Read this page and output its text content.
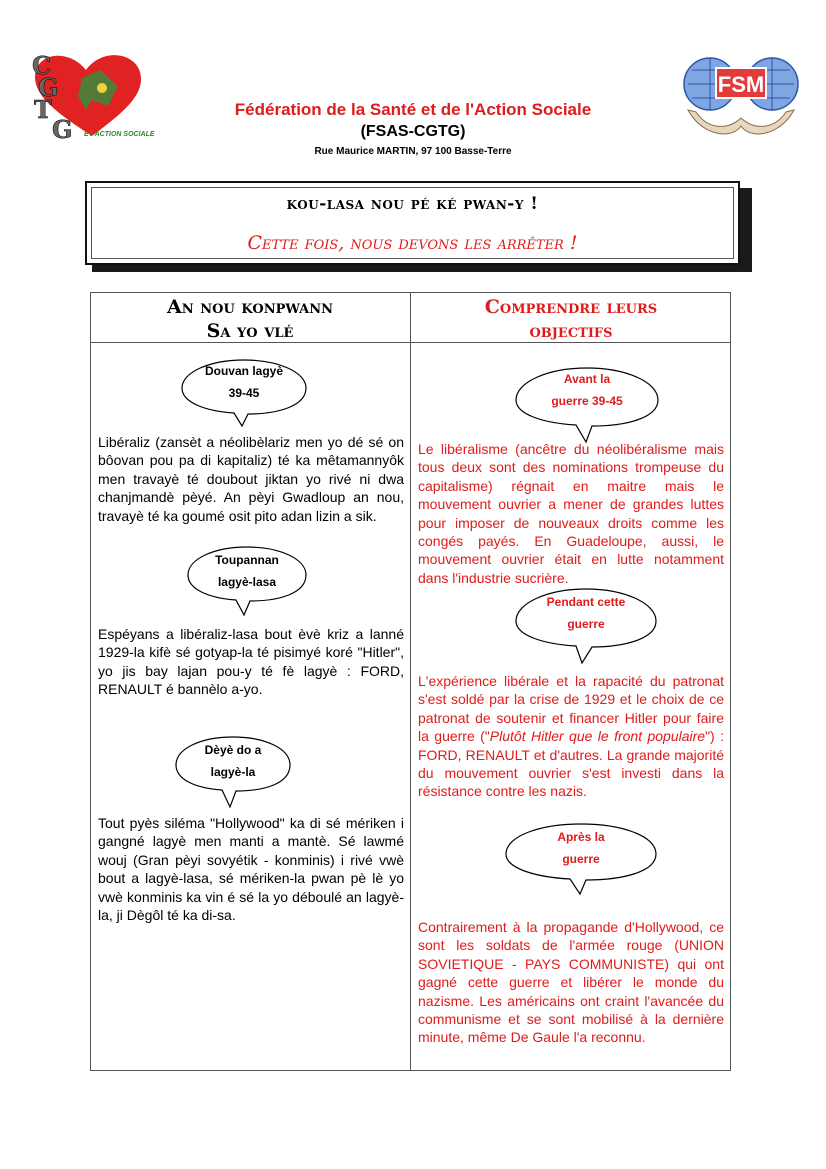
C
G
T
G ET ACTION SOCIALE
FSM
Fédération de la Santé et de l'Action Sociale
(FSAS-CGTG)
Rue Maurice MARTIN, 97 100 Basse-Terre
kou-lasa nou pé ké pwan-y !
Cette fois, nous devons les arrêter !
An nou konpwann
Sa yo vlé
Comprendre leurs
objectifs
Douvan lagyè
39-45
Libéraliz (zansèt a néolibèlariz men yo dé sé on bôovan pou pa di kapitaliz) té ka mêtamannyôk men travayè té doubout jiktan yo rivé ni dwa chanjmandè pèyé. An pèyi Gwadloup an nou, travayè té ka goumé osit pito adan lizin a sik.
Toupannan
lagyè-lasa
Espéyans a libéraliz-lasa bout èvè kriz a lanné 1929-la kifè sé gotyap-la té pisimyé koré "Hitler", yo jis bay lajan pou-y té fè lagyè : FORD, RENAULT é bannèlo a-yo.
Dèyè do a
lagyè-la
Tout pyès siléma "Hollywood" ka di sé mériken i gangné lagyè men manti a mantè. Sé lawmé wouj (Gran pèyi sovyétik - konminis) i rivé vwè bout a lagyè-lasa, sé mériken-la pwan pè lè yo vwè konminis ka vin é sé la yo déboulé an lagyè-la, ji Dègôl té ka di-sa.
Avant la
guerre 39-45
Le libéralisme (ancêtre du néolibéralisme mais tous deux sont des nominations trompeuse du capitalisme) régnait en maitre mais le mouvement ouvrier a mener de grandes luttes pour imposer de nouveaux droits comme les congés payés. En Guadeloupe, aussi, le mouvement ouvrier était en lutte notamment dans l'industrie sucrière.
Pendant cette
guerre
L'expérience libérale et la rapacité du patronat s'est soldé par la crise de 1929 et le choix de ce patronat de soutenir et financer Hitler pour faire la guerre ("Plutôt Hitler que le front populaire") : FORD, RENAULT et d'autres. La grande majorité du mouvement ouvrier s'est investi dans la résistance contre les nazis.
Après la
guerre
Contrairement à la propagande d'Hollywood, ce sont les soldats de l'armée rouge (UNION SOVIETIQUE - PAYS COMMUNISTE) qui ont gagné cette guerre et libérer le monde du nazisme. Les américains ont craint l'avancée du communisme et se sont mobilisé à la dernière minute, même De Gaule l'a reconnu.
